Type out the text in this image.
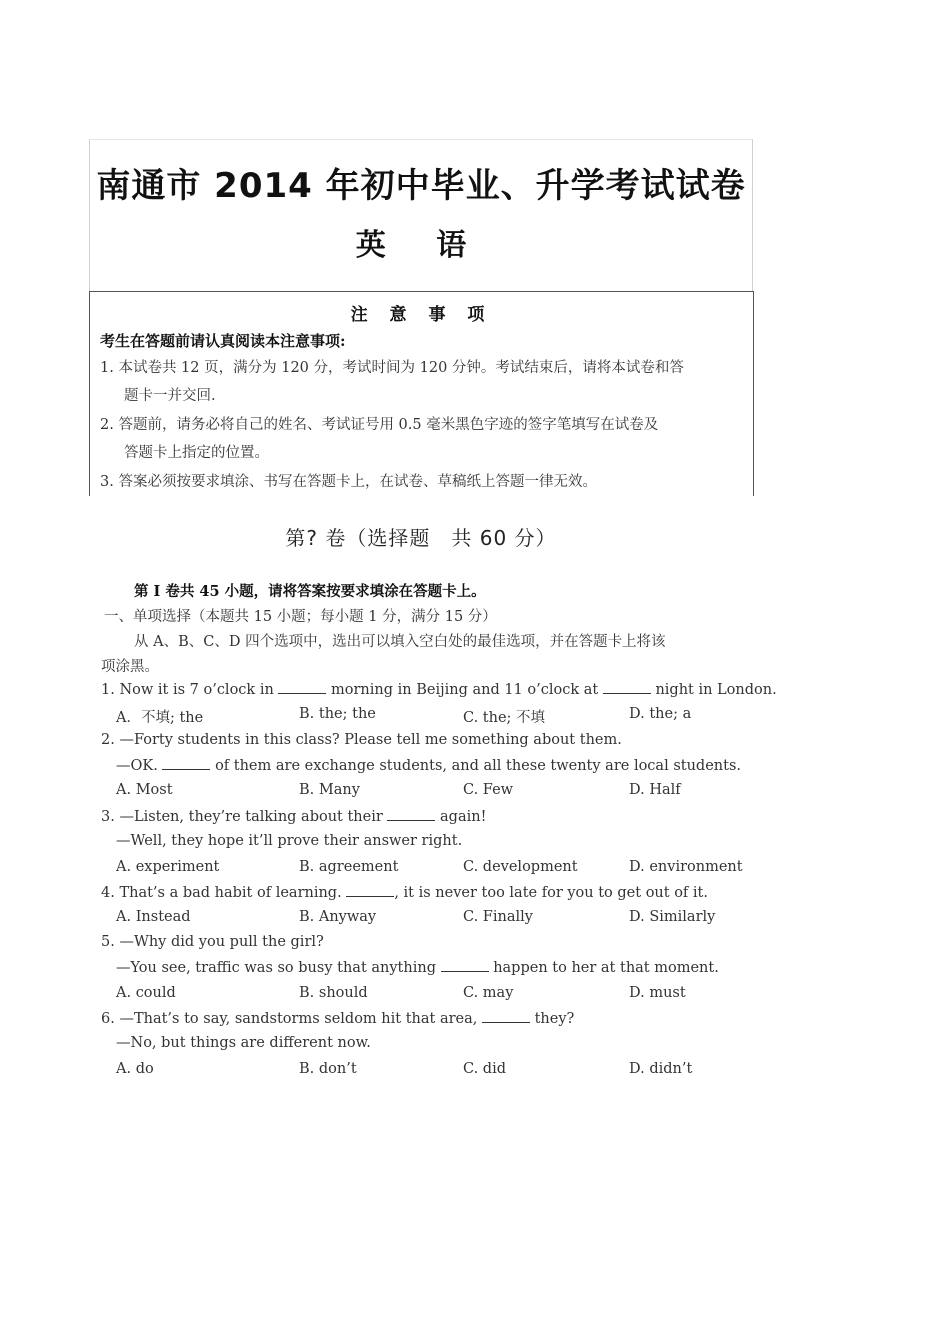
南通市 2014 年初中毕业、升学考试试卷
英 语
注 意 事 项
考生在答题前请认真阅读本注意事项:
1. 本试卷共 12 页，满分为 120 分，考试时间为 120 分钟。考试结束后，请将本试卷和答
题卡一并交回.
2. 答题前，请务必将自己的姓名、考试证号用 0.5 毫米黑色字迹的签字笔填写在试卷及
答题卡上指定的位置。
3. 答案必须按要求填涂、书写在答题卡上，在试卷、草稿纸上答题一律无效。
第? 卷（选择题　共 60 分）
第 I 卷共 45 小题，请将答案按要求填涂在答题卡上。
一、单项选择（本题共 15 小题；每小题 1 分，满分 15 分）
从 A、B、C、D 四个选项中，选出可以填入空白处的最佳选项，并在答题卡上将该
项涂黑。
1. Now it is 7 o’clock in	morning in Beijing and 11 o’clock at	night in London.
A．不填; the	B. the; the	C. the; 不填	D. the; a
2. —Forty students in this class? Please tell me something about them.
—OK.	of them are exchange students, and all these twenty are local students.
A. Most	B. Many	C. Few	D. Half
3. —Listen, they’re talking about their	again!
—Well, they hope it’ll prove their answer right.
A. experiment	B. agreement	C. development	D. environment
4. That’s a bad habit of learning.	, it is never too late for you to get out of it.
A. Instead	B. Anyway	C. Finally	D. Similarly
5. —Why did you pull the girl?
—You see, traffic was so busy that anything	happen to her at that moment.
A. could	B. should	C. may	D. must
6. —That’s to say, sandstorms seldom hit that area,	they?
—No, but things are different now.
A. do	B. don’t	C. did	D. didn’t
